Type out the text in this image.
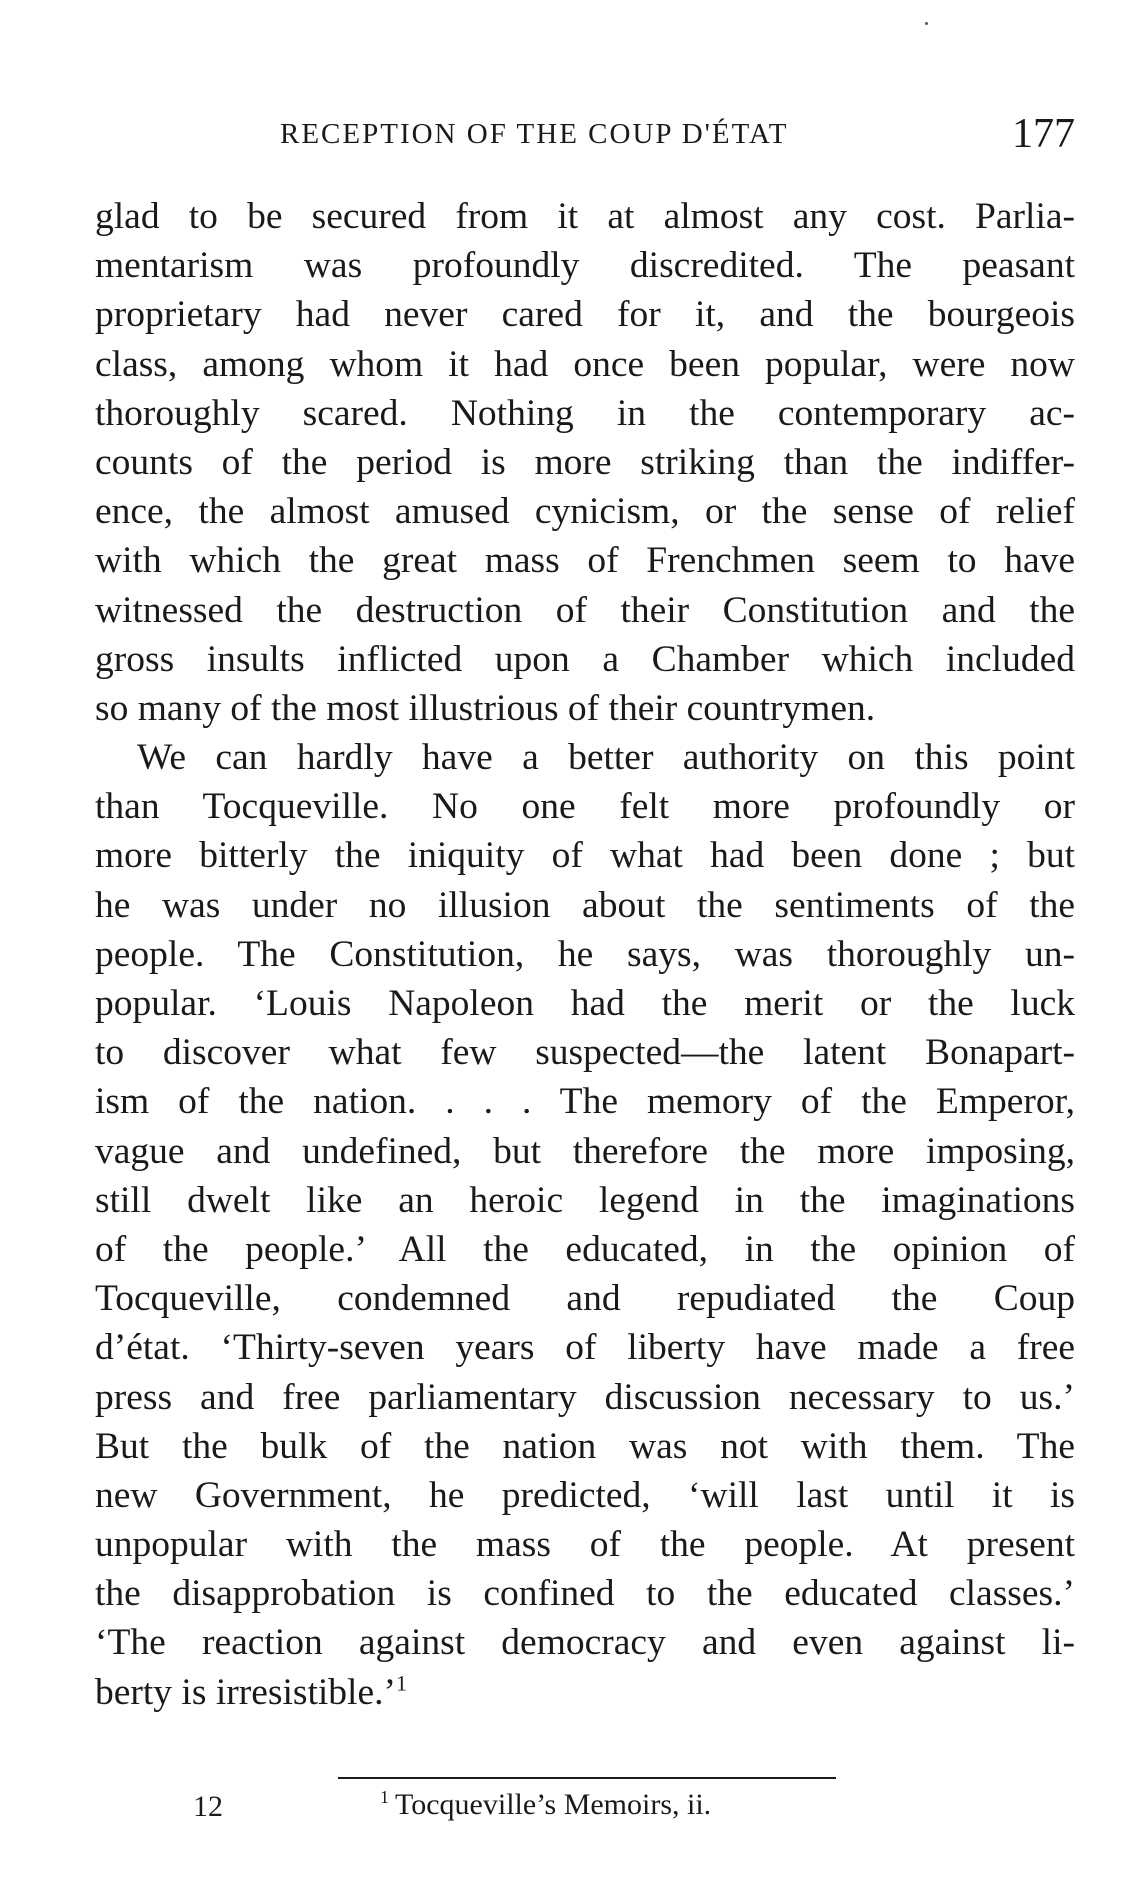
RECEPTION OF THE COUP D'ÉTAT	177
glad to be secured from it at almost any cost. Parlia-
mentarism was profoundly discredited. The peasant
proprietary had never cared for it, and the bourgeois
class, among whom it had once been popular, were now
thoroughly scared. Nothing in the contemporary ac-
counts of the period is more striking than the indiffer-
ence, the almost amused cynicism, or the sense of relief
with which the great mass of Frenchmen seem to have
witnessed the destruction of their Constitution and the
gross insults inflicted upon a Chamber which included
so many of the most illustrious of their countrymen.
We can hardly have a better authority on this point
than Tocqueville. No one felt more profoundly or
more bitterly the iniquity of what had been done ; but
he was under no illusion about the sentiments of the
people. The Constitution, he says, was thoroughly un-
popular. ‘Louis Napoleon had the merit or the luck
to discover what few suspected—the latent Bonapart-
ism of the nation. . . . The memory of the Emperor,
vague and undefined, but therefore the more imposing,
still dwelt like an heroic legend in the imaginations
of the people.’ All the educated, in the opinion of
Tocqueville, condemned and repudiated the Coup
d’état. ‘Thirty-seven years of liberty have made a free
press and free parliamentary discussion necessary to us.’
But the bulk of the nation was not with them. The
new Government, he predicted, ‘will last until it is
unpopular with the mass of the people. At present
the disapprobation is confined to the educated classes.’
‘The reaction against democracy and even against li-
berty is irresistible.’$^1$
12	$^1$ Tocqueville’s Memoirs, ii.
